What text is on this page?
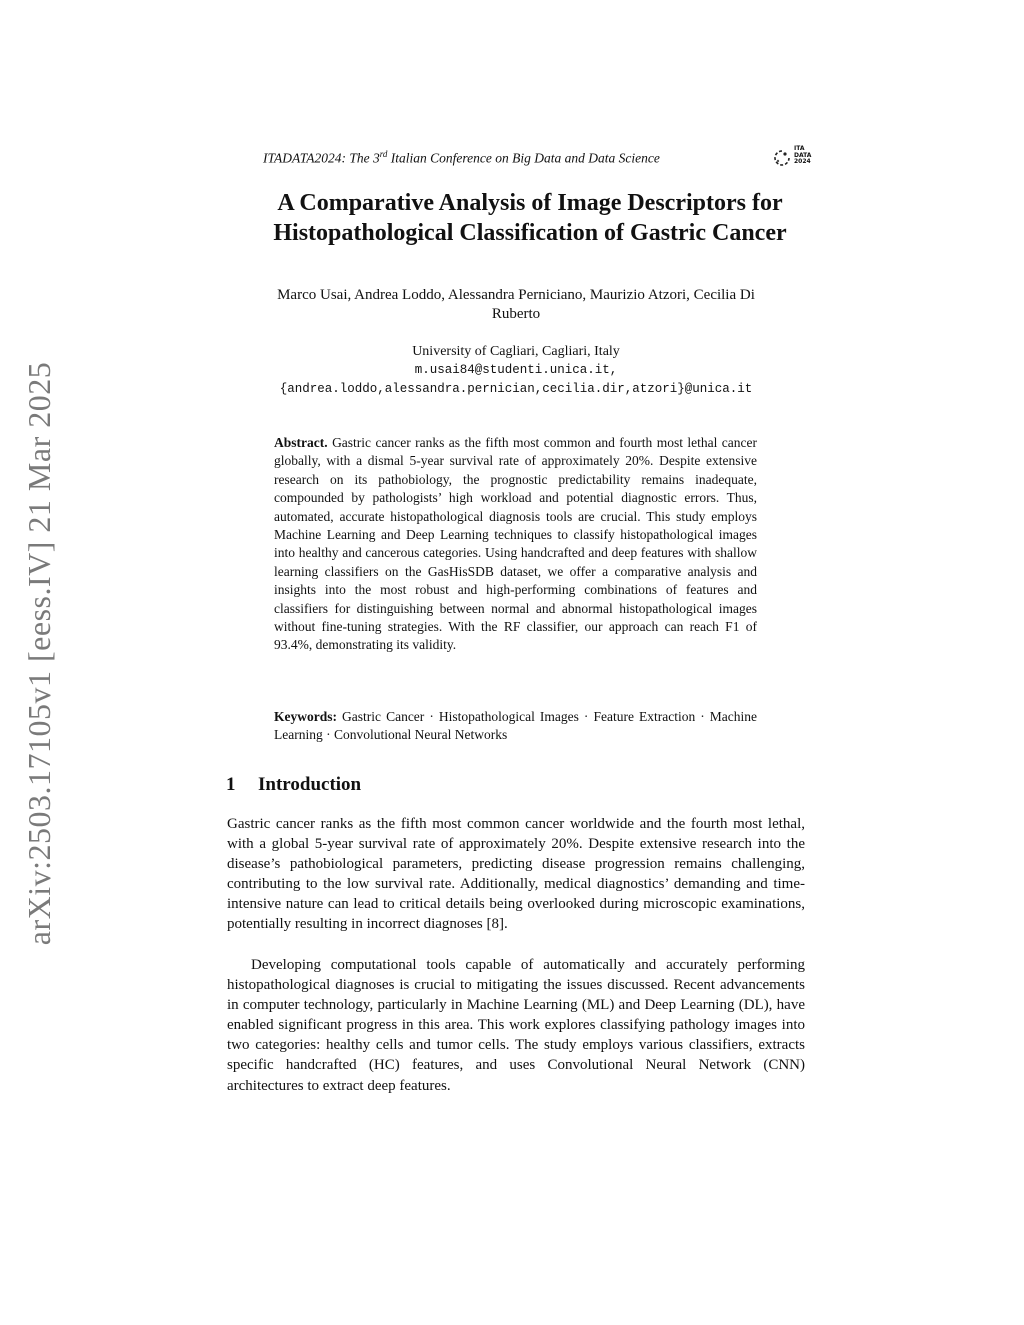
arXiv:2503.17105v1 [eess.IV] 21 Mar 2025
ITADATA2024: The 3rd Italian Conference on Big Data and Data Science
ITA
DATA
2024
A Comparative Analysis of Image Descriptors for
Histopathological Classification of Gastric Cancer
Marco Usai, Andrea Loddo, Alessandra Perniciano, Maurizio Atzori, Cecilia Di
Ruberto
University of Cagliari, Cagliari, Italy
m.usai84@studenti.unica.it,
{andrea.loddo,alessandra.pernician,cecilia.dir,atzori}@unica.it
Abstract. Gastric cancer ranks as the fifth most common and fourth most lethal cancer globally, with a dismal 5-year survival rate of approximately 20%. Despite extensive research on its pathobiology, the prognostic predictability remains inadequate, compounded by pathologists’ high workload and potential diagnostic errors. Thus, automated, accurate histopathological diagnosis tools are crucial. This study employs Machine Learning and Deep Learning techniques to classify histopathological images into healthy and cancerous categories. Using handcrafted and deep features with shallow learning classifiers on the GasHisSDB dataset, we offer a comparative analysis and insights into the most robust and high-performing combinations of features and classifiers for distinguishing between normal and abnormal histopathological images without fine-tuning strategies. With the RF classifier, our approach can reach F1 of 93.4%, demonstrating its validity.
Keywords: Gastric Cancer · Histopathological Images · Feature Extraction · Machine Learning · Convolutional Neural Networks
1 Introduction

Gastric cancer ranks as the fifth most common cancer worldwide and the fourth most lethal, with a global 5-year survival rate of approximately 20%. Despite extensive research into the disease’s pathobiological parameters, predicting disease progression remains challenging, contributing to the low survival rate. Additionally, medical diagnostics’ demanding and time-intensive nature can lead to critical details being overlooked during microscopic examinations, potentially resulting in incorrect diagnoses [8].

Developing computational tools capable of automatically and accurately performing histopathological diagnoses is crucial to mitigating the issues discussed. Recent advancements in computer technology, particularly in Machine Learning (ML) and Deep Learning (DL), have enabled significant progress in this area. This work explores classifying pathology images into two categories: healthy cells and tumor cells. The study employs various classifiers, extracts specific handcrafted (HC) features, and uses Convolutional Neural Network (CNN) architectures to extract deep features.
